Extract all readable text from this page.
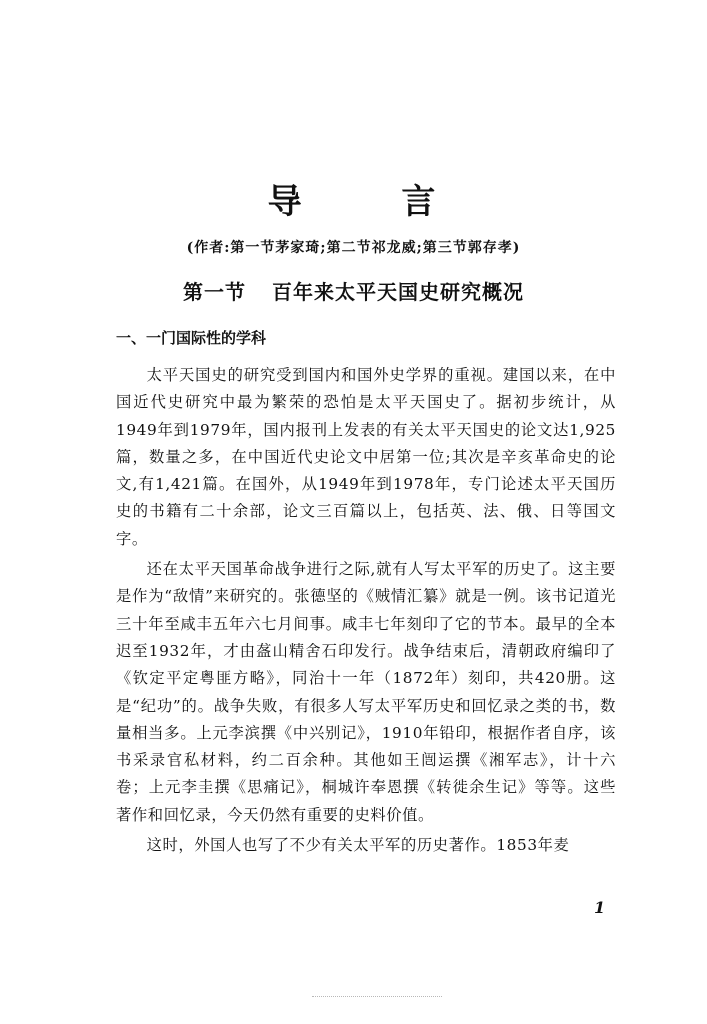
导 言
(作者:第一节茅家琦;第二节祁龙威;第三节郭存孝)
第一节 百年来太平天国史研究概况
一、一门国际性的学科

太平天国史的研究受到国内和国外史学界的重视。建国以来，在中国近代史研究中最为繁荣的恐怕是太平天国史了。据初步统计，从1949年到1979年，国内报刊上发表的有关太平天国史的论文达1,925篇，数量之多，在中国近代史论文中居第一位;其次是辛亥革命史的论文,有1,421篇。在国外，从1949年到1978年，专门论述太平天国历史的书籍有二十余部，论文三百篇以上，包括英、法、俄、日等国文字。

还在太平天国革命战争进行之际,就有人写太平军的历史了。这主要是作为“敌情”来研究的。张德坚的《贼情汇纂》就是一例。该书记道光三十年至咸丰五年六七月间事。咸丰七年刻印了它的节本。最早的全本迟至1932年，才由盋山精舍石印发行。战争结束后，清朝政府编印了《钦定平定粤匪方略》，同治十一年（1872年）刻印，共420册。这是“纪功”的。战争失败，有很多人写太平军历史和回忆录之类的书，数量相当多。上元李滨撰《中兴别记》，1910年铅印，根据作者自序，该书采录官私材料，约二百余种。其他如王闿运撰《湘军志》，计十六卷；上元李圭撰《思痛记》，桐城许奉恩撰《转徙余生记》等等。这些著作和回忆录，今天仍然有重要的史料价值。

这时，外国人也写了不少有关太平军的历史著作。1853年麦

1
